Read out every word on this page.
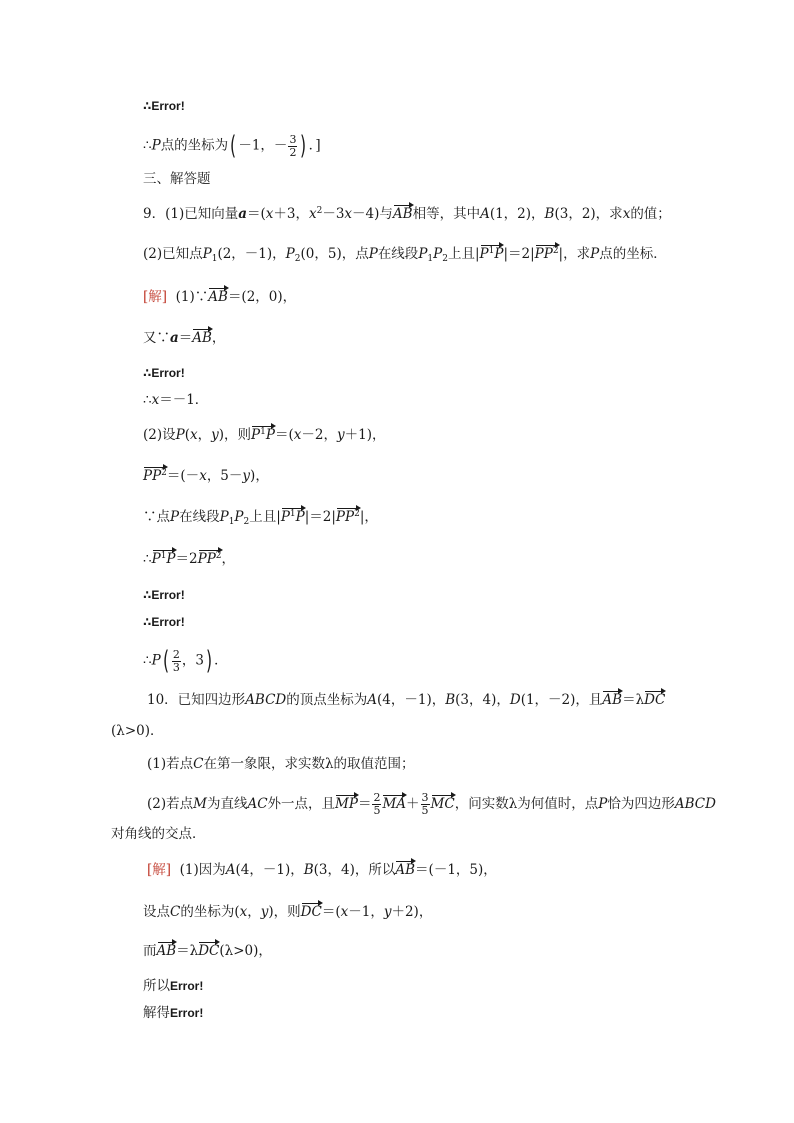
∴Error!
∴P点的坐标为( －1，－ $\frac{3}{2}$ ) ．]
三、解答题
9．(1)已知向量a＝(x＋3，$x^2-3x-4$)与AB相等，其中A(1，2)，B(3，2)，求x的值；
(2)已知点$P_1(2$，－1)，$P_2(0$，5)，点P在线段$P_1P_2$上且$|P^1P|=2|PP^2|$，求P点的坐标．
[解] (1)∵AB＝(2，0)，
又∵a＝AB，
∴Error!
∴x＝－1．
(2)设P(x，y)，则$P^1P=(x-2$，y＋1)，
$PP^2=(-x$，5－y)，
∵点P在线段$P_1P_2$上且$|P^1P|=2|PP^2|$，
$\therefore P^1P=2PP^2$，
∴Error!
∴Error!
∴P( $\frac{2}{3}$ ，3) ．
10．已知四边形ABCD的顶点坐标为A(4，－1)，B(3，4)，D(1，－2)，且AB＝λDC
(λ>0)．
(1)若点C在第一象限，求实数λ的取值范围；
(2)若点M为直线AC外一点，且$MP= \frac{2}{5} MA+ \frac{3}{5}$ MC，问实数λ为何值时，点P恰为四边形ABCD
对角线的交点．
[解] (1)因为A(4，－1)，B(3，4)，所以AB＝(－1，5)，
设点C的坐标为(x，y)，则DC＝(x－1，y＋2)，
而AB＝λDC(λ>0)，
所以Error!
解得Error!
